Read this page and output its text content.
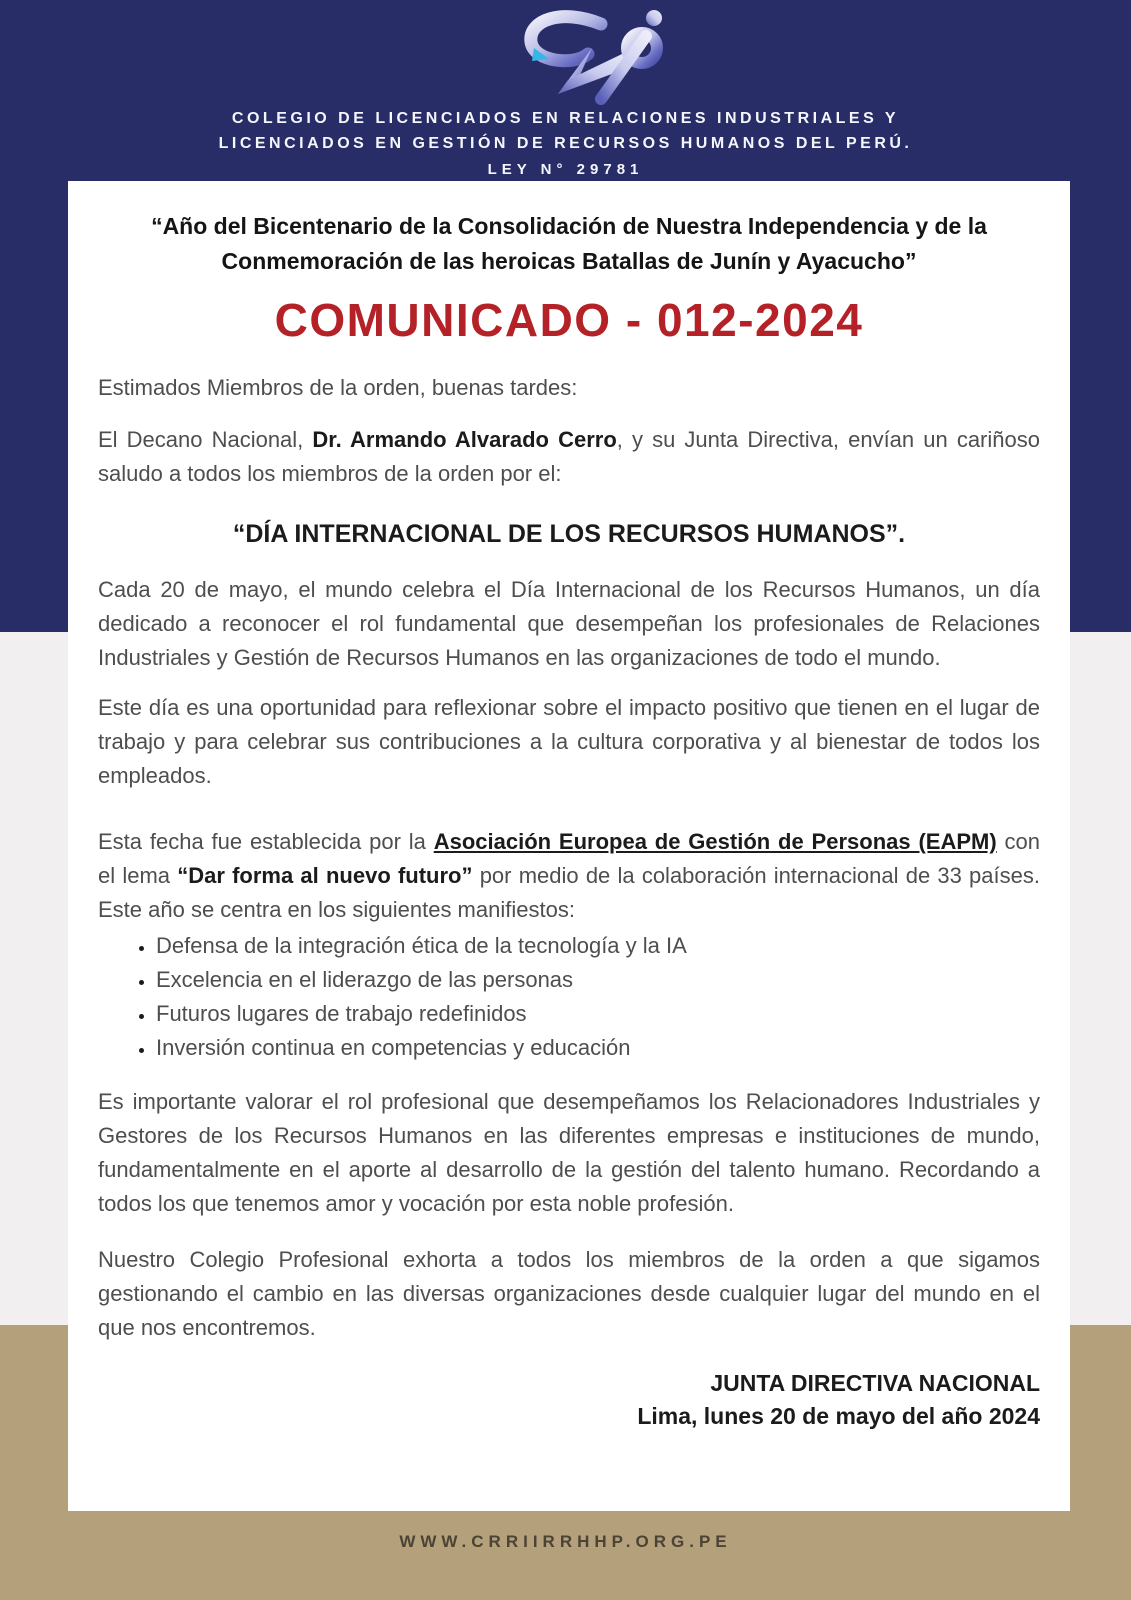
COLEGIO DE LICENCIADOS EN RELACIONES INDUSTRIALES Y
LICENCIADOS EN GESTIÓN DE RECURSOS HUMANOS DEL PERÚ.
LEY N° 29781
“Año del Bicentenario de la Consolidación de Nuestra Independencia y de la Conmemoración de las heroicas Batallas de Junín y Ayacucho”
COMUNICADO - 012-2024

Estimados Miembros de la orden, buenas tardes:

El Decano Nacional, Dr. Armando Alvarado Cerro, y su Junta Directiva, envían un cariñoso saludo a todos los miembros de la orden por el:

“DÍA INTERNACIONAL DE LOS RECURSOS HUMANOS”.

Cada 20 de mayo, el mundo celebra el Día Internacional de los Recursos Humanos, un día dedicado a reconocer el rol fundamental que desempeñan los profesionales de Relaciones Industriales y Gestión de Recursos Humanos en las organizaciones de todo el mundo.

Este día es una oportunidad para reflexionar sobre el impacto positivo que tienen en el lugar de trabajo y para celebrar sus contribuciones a la cultura corporativa y al bienestar de todos los empleados.

Esta fecha fue establecida por la Asociación Europea de Gestión de Personas (EAPM) con el lema “Dar forma al nuevo futuro” por medio de la colaboración internacional de 33 países. Este año se centra en los siguientes manifiestos:

• Defensa de la integración ética de la tecnología y la IA
• Excelencia en el liderazgo de las personas
• Futuros lugares de trabajo redefinidos
• Inversión continua en competencias y educación

Es importante valorar el rol profesional que desempeñamos los Relacionadores Industriales y Gestores de los Recursos Humanos en las diferentes empresas e instituciones de mundo, fundamentalmente en el aporte al desarrollo de la gestión del talento humano. Recordando a todos los que tenemos amor y vocación por esta noble profesión.

Nuestro Colegio Profesional exhorta a todos los miembros de la orden a que sigamos gestionando el cambio en las diversas organizaciones desde cualquier lugar del mundo en el que nos encontremos.

JUNTA DIRECTIVA NACIONAL
Lima, lunes 20 de mayo del año 2024
WWW.CRRIIRRHHP.ORG.PE
